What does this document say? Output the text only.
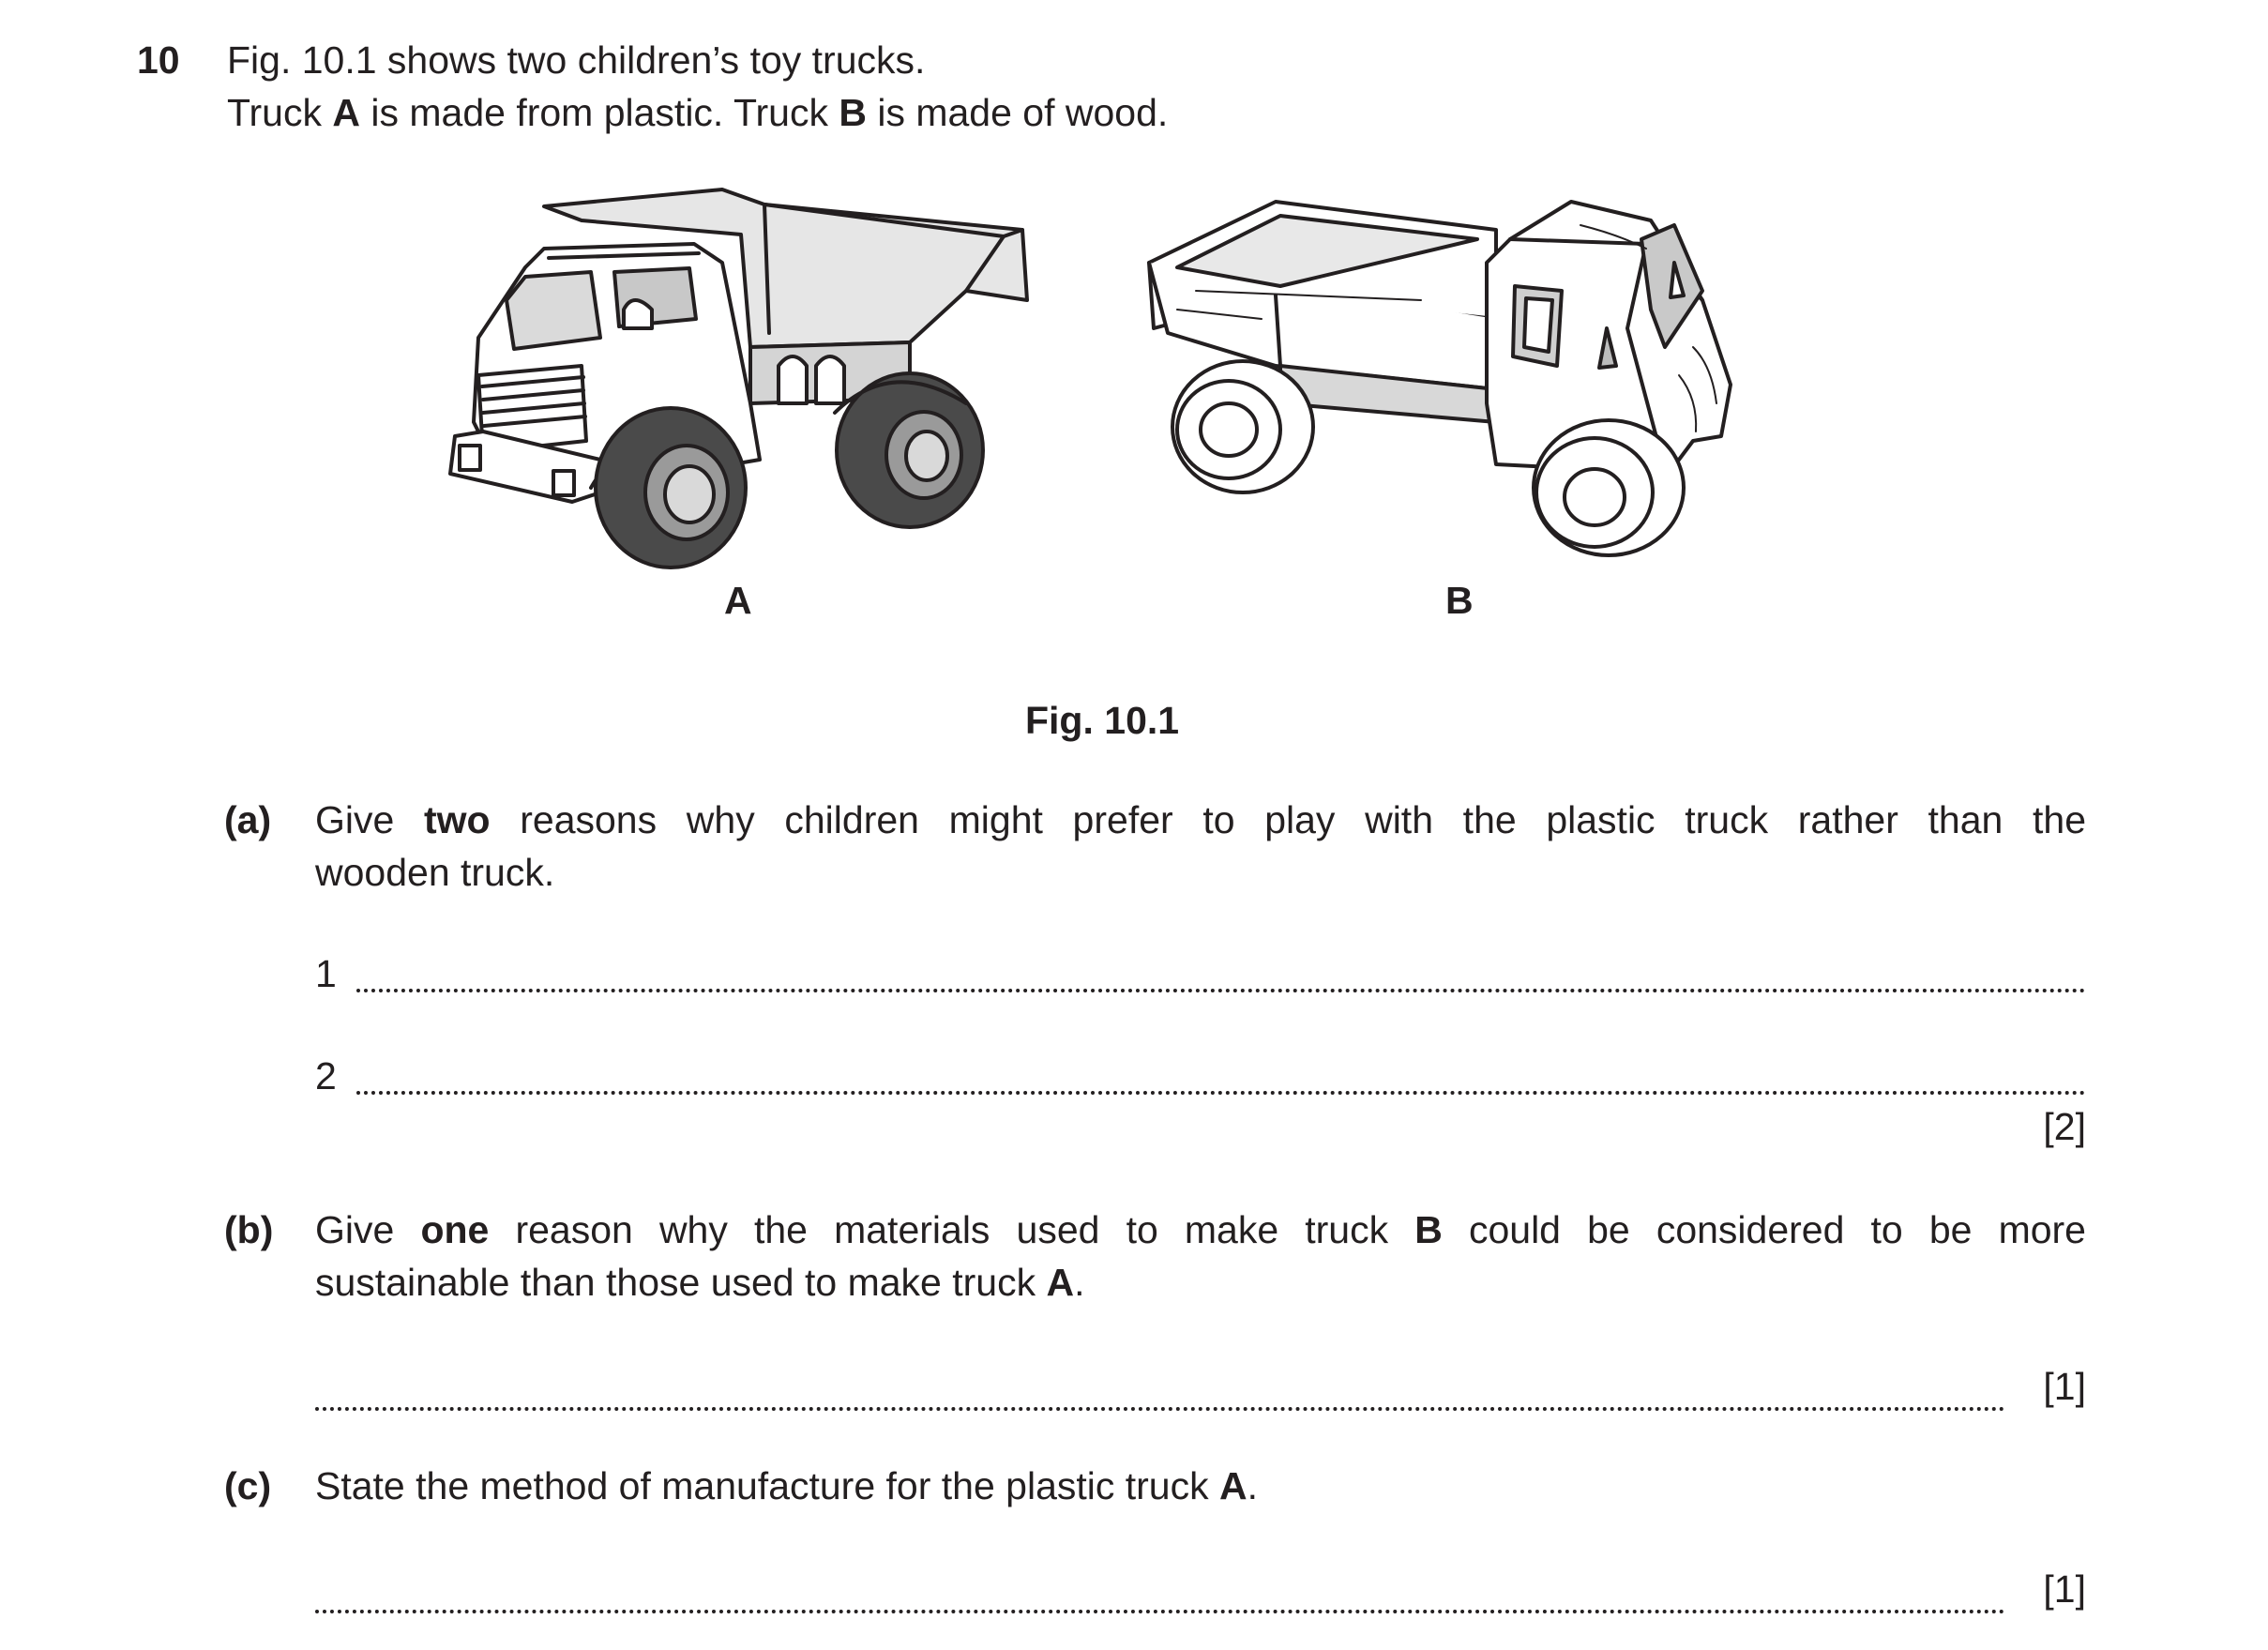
10 Fig. 10.1 shows two children’s toy trucks.
Truck A is made from plastic. Truck B is made of wood.
A	B
Fig. 10.1
(a) Give two reasons why children might prefer to play with the plastic truck rather than the
wooden truck.
1
2
[2]
(b) Give one reason why the materials used to make truck B could be considered to be more
sustainable than those used to make truck A.
[1]
(c) State the method of manufacture for the plastic truck A.
[1]
